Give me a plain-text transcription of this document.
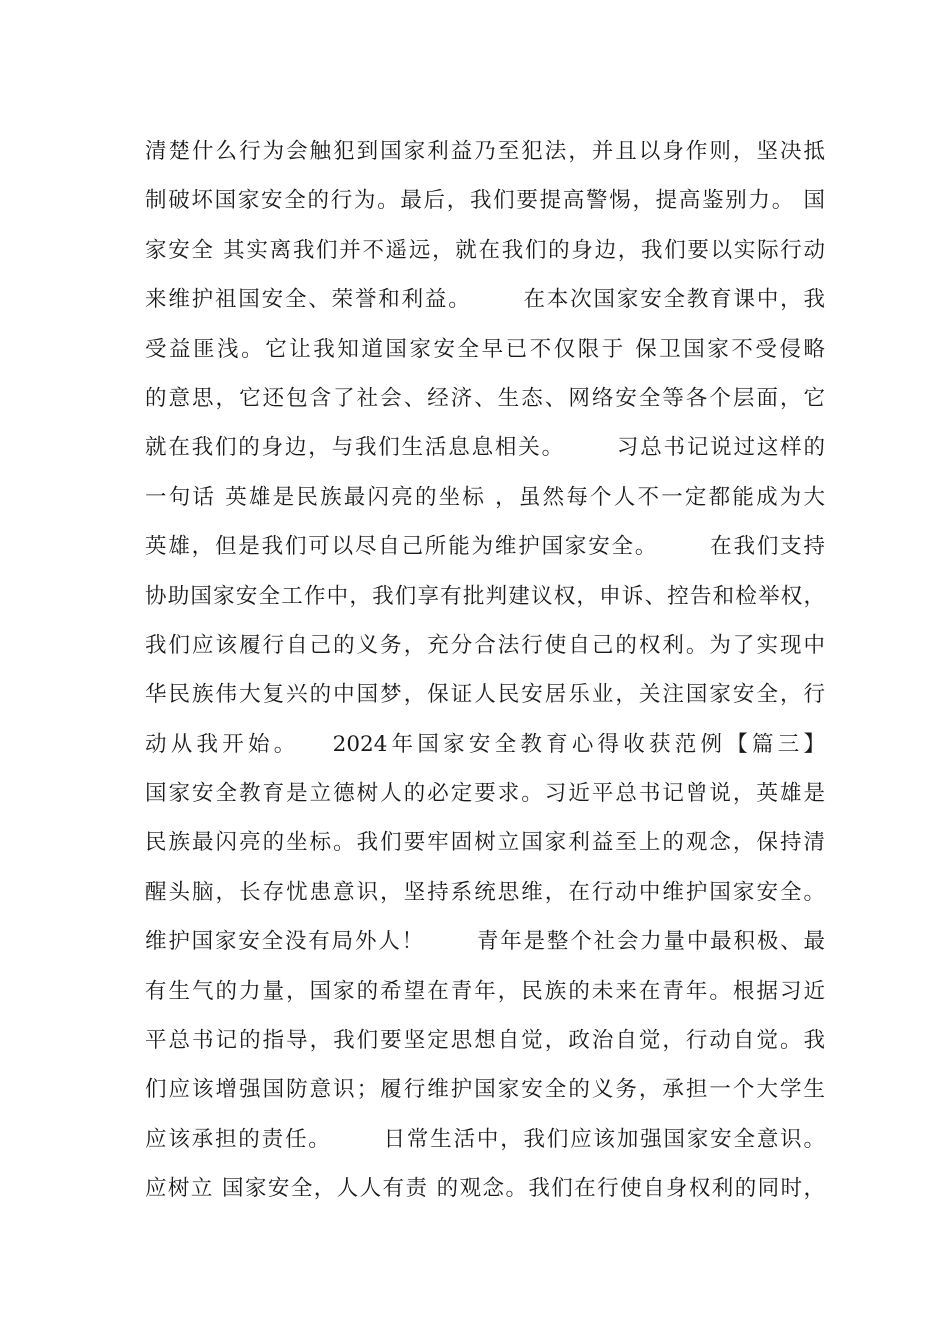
清楚什么行为会触犯到国家利益乃至犯法，并且以身作则，坚决抵
制破坏国家安全的行为。最后，我们要提高警惕，提高鉴别力。 国
家安全 其实离我们并不遥远，就在我们的身边，我们要以实际行动
来维护祖国安全、荣誉和利益。      在本次国家安全教育课中，我
受益匪浅。它让我知道国家安全早已不仅限于 保卫国家不受侵略
的意思，它还包含了社会、经济、生态、网络安全等各个层面，它
就在我们的身边，与我们生活息息相关。      习总书记说过这样的
一句话 英雄是民族最闪亮的坐标 ，虽然每个人不一定都能成为大
英雄，但是我们可以尽自己所能为维护国家安全。      在我们支持
协助国家安全工作中，我们享有批判建议权，申诉、控告和检举权，
我们应该履行自己的义务，充分合法行使自己的权利。为了实现中
华民族伟大复兴的中国梦，保证人民安居乐业，关注国家安全，行
动从我开始。   2024年国家安全教育心得收获范例【篇三】
国家安全教育是立德树人的必定要求。习近平总书记曾说，英雄是
民族最闪亮的坐标。我们要牢固树立国家利益至上的观念，保持清
醒头脑，长存忧患意识，坚持系统思维，在行动中维护国家安全。
维护国家安全没有局外人！      青年是整个社会力量中最积极、最
有生气的力量，国家的希望在青年，民族的未来在青年。根据习近
平总书记的指导，我们要坚定思想自觉，政治自觉，行动自觉。我
们应该增强国防意识；履行维护国家安全的义务，承担一个大学生
应该承担的责任。      日常生活中，我们应该加强国家安全意识。
应树立 国家安全，人人有责 的观念。我们在行使自身权利的同时，
